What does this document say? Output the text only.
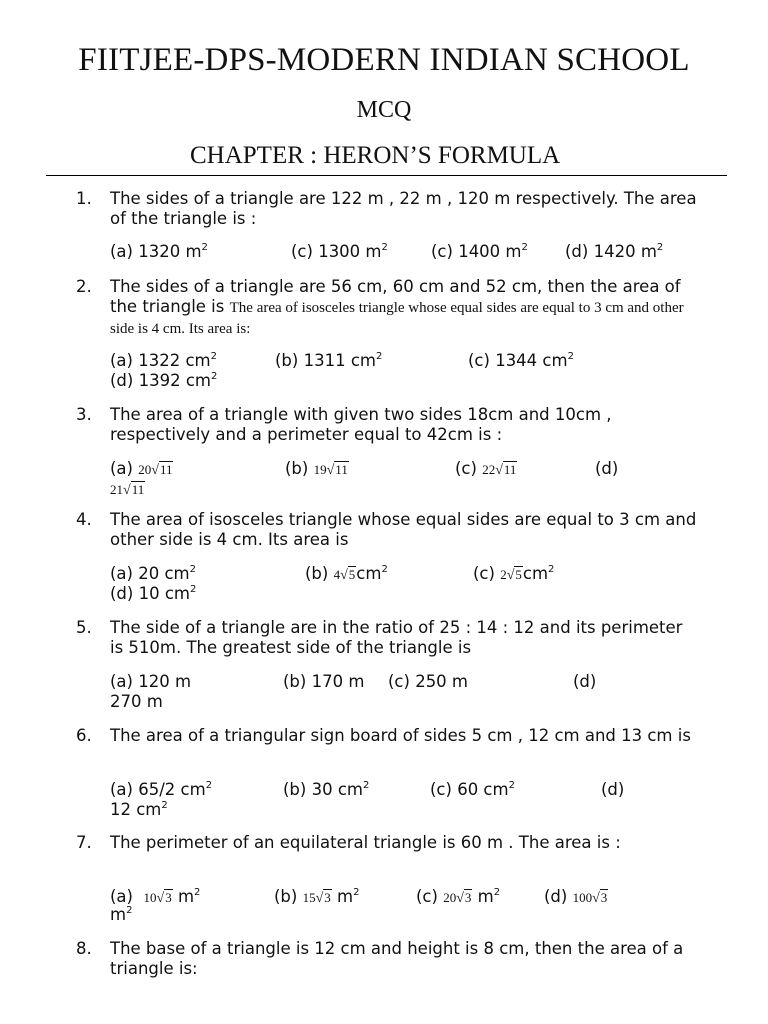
FIITJEE-DPS-MODERN INDIAN SCHOOL
MCQ
CHAPTER : HERON’S FORMULA
1. The sides of a triangle are 122 m , 22 m , 120 m respectively. The area of the triangle is :
(a) 1320 $m^2$	(c) 1300 $m^2$	(c) 1400 $m^2$ (d) 1420 $m^2$
2. The sides of a triangle are 56 cm, 60 cm and 52 cm, then the area of the triangle is The area of isosceles triangle whose equal sides are equal to 3 cm and other side is 4 cm. Its area is:
(a) 1322 $cm^2$	(b) 1311 $cm^2$	(c) 1344 $cm^2$
(d) 1392 $cm^2$
3. The area of a triangle with given two sides 18cm and 10cm , respectively and a perimeter equal to 42cm is :
(a) 20√11	(b) 19√11	(c) 22√11	(d)
21√11
4. The area of isosceles triangle whose equal sides are equal to 3 cm and other side is 4 cm. Its area is
(a) 20 $cm^2$	(b) $4√5cm^2$	(c) $2√5cm^2$
(d) 10 $cm^2$
5. The side of a triangle are in the ratio of 25 : 14 : 12 and its perimeter is 510m. The greatest side of the triangle is
(a) 120 m	(b) 170 m (c) 250 m	(d)
270 m
6. The area of a triangular sign board of sides 5 cm , 12 cm and 13 cm is
(a) 65/2 $cm^2$	(b) 30 $cm^2$	(c) 60 $cm^2$	(d)
12 $cm^2$
7. The perimeter of an equilateral triangle is 60 m . The area is :
(a) 10√3 $m^2$	(b) 15√3 $m^2$	(c) 20√3 $m^2$	(d) 100√3
$m^2$
8. The base of a triangle is 12 cm and height is 8 cm, then the area of a triangle is:
